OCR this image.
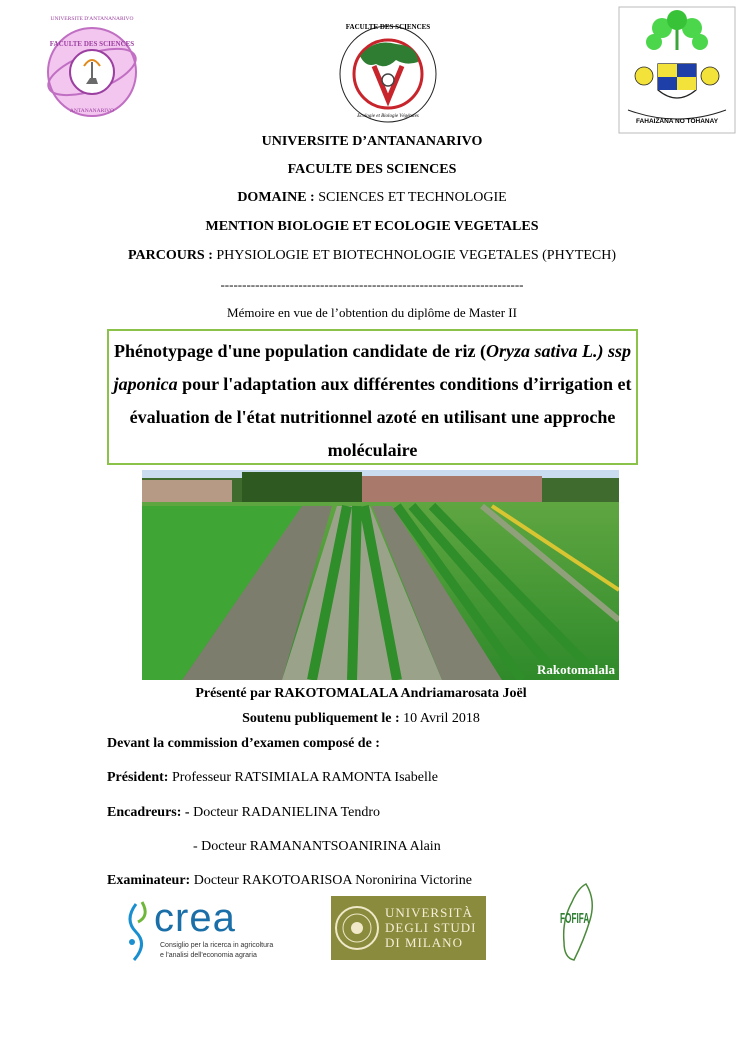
UNIVERSITE D'ANTANANARIVO
FACULTE DES SCIENCES
ANTANANARIVO
FACULTE DES SCIENCES
Ecologie et Biologie Végétales
FAHAIZANA NO TOHANAY
UNIVERSITE D’ANTANANARIVO
FACULTE DES SCIENCES
DOMAINE : SCIENCES ET TECHNOLOGIE
MENTION BIOLOGIE ET ECOLOGIE VEGETALES
PARCOURS : PHYSIOLOGIE ET BIOTECHNOLOGIE VEGETALES (PHYTECH)
----------------------------------------------------------------------
Mémoire en vue de l’obtention du diplôme de Master II

Phénotypage d'une population candidate de riz (Oryza sativa L.) ssp japonica pour l'adaptation aux différentes conditions d’irrigation et évaluation de l'état nutritionnel azoté en utilisant une approche moléculaire

Rakotomalala
Présenté par RAKOTOMALALA Andriamarosata Joël
Soutenu publiquement le : 10 Avril 2018
Devant la commission d’examen composé de :
Président: Professeur RATSIMIALA RAMONTA Isabelle
Encadreurs: - Docteur RADANIELINA Tendro
- Docteur RAMANANTSOANIRINA Alain
Examinateur: Docteur RAKOTOARISOA Noronirina Victorine
crea
Consiglio per la ricerca in agricoltura
e l'analisi dell'economia agraria
UNIVERSITÀ
DEGLI STUDI
DI MILANO
FOFIFA
